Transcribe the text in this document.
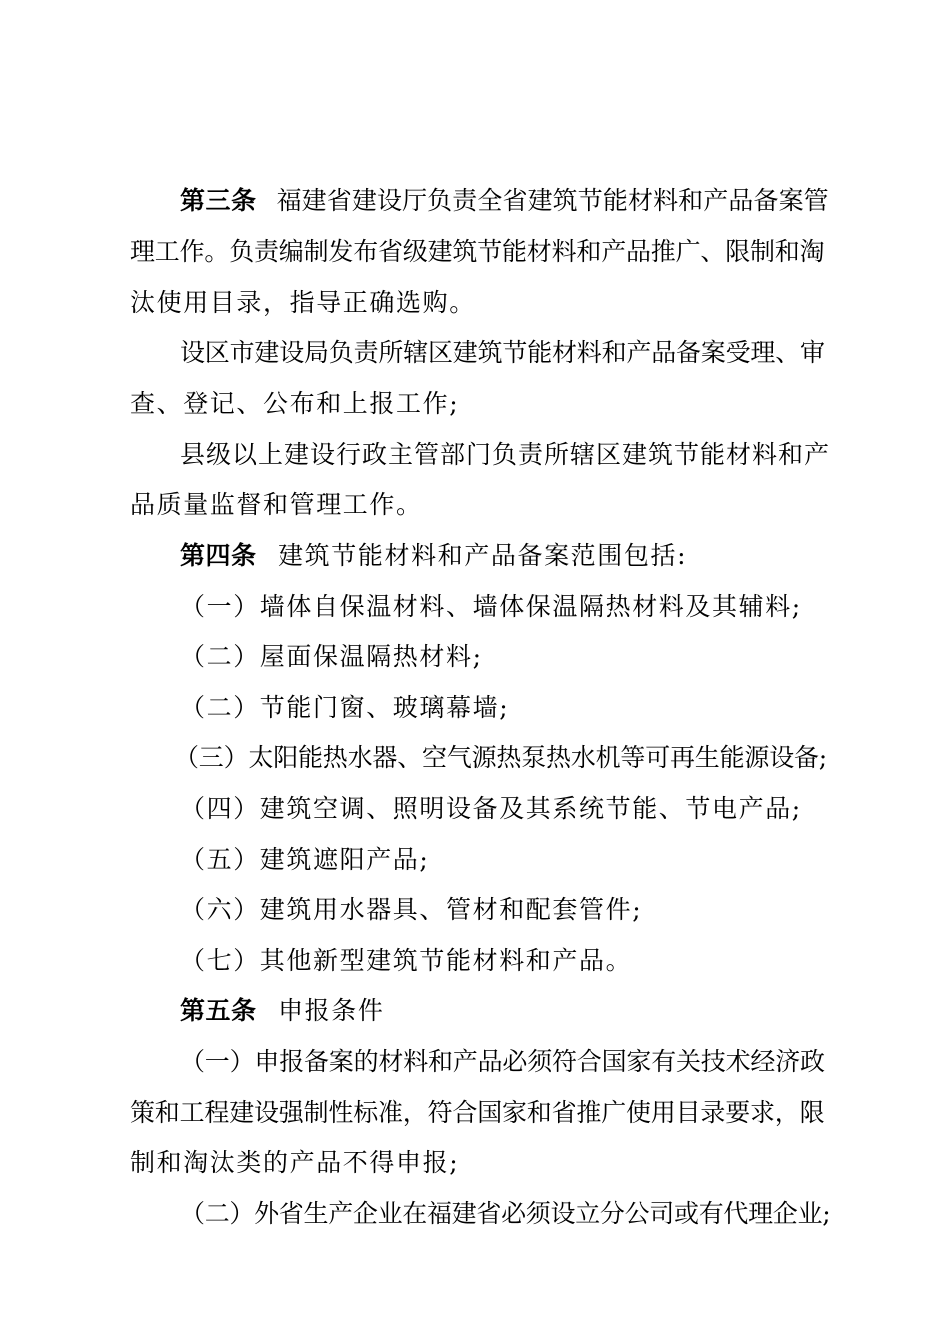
第三条 福建省建设厅负责全省建筑节能材料和产品备案管
理工作。负责编制发布省级建筑节能材料和产品推广、限制和淘
汰使用目录，指导正确选购。
设区市建设局负责所辖区建筑节能材料和产品备案受理、审
查、登记、公布和上报工作;
县级以上建设行政主管部门负责所辖区建筑节能材料和产
品质量监督和管理工作。
第四条 建筑节能材料和产品备案范围包括:
（一）墙体自保温材料、墙体保温隔热材料及其辅料;
（二）屋面保温隔热材料;
（二）节能门窗、玻璃幕墙;
（三）太阳能热水器、空气源热泵热水机等可再生能源设备;
（四）建筑空调、照明设备及其系统节能、节电产品;
（五）建筑遮阳产品;
（六）建筑用水器具、管材和配套管件;
（七）其他新型建筑节能材料和产品。
第五条 申报条件
（一）申报备案的材料和产品必须符合国家有关技术经济政
策和工程建设强制性标准，符合国家和省推广使用目录要求，限
制和淘汰类的产品不得申报;
（二）外省生产企业在福建省必须设立分公司或有代理企业;
